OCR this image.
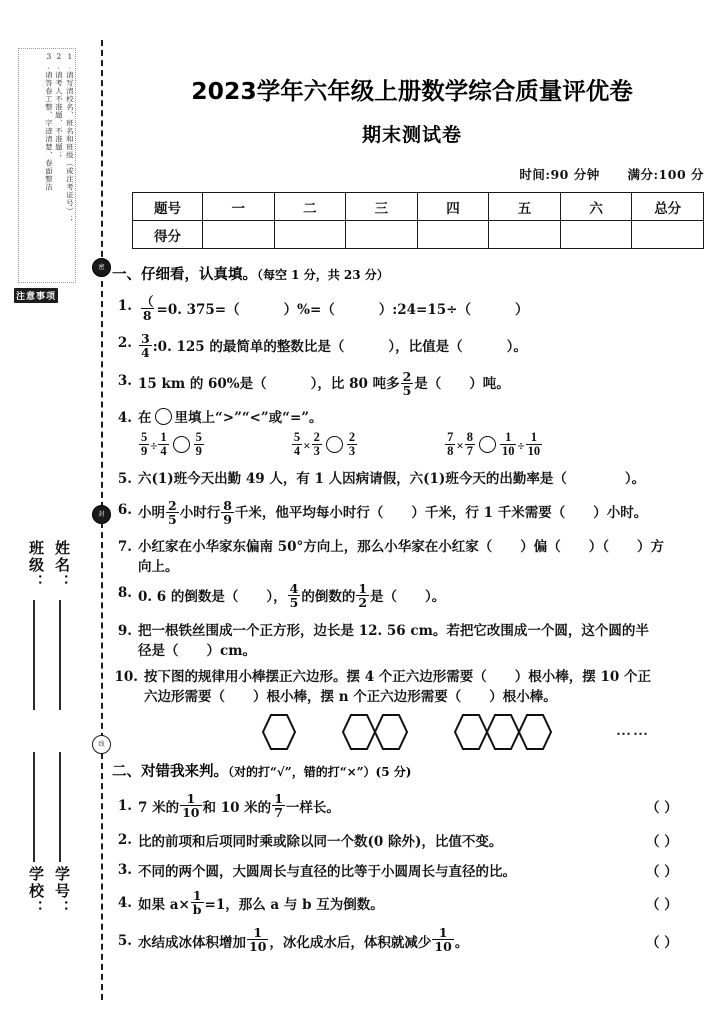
1.请写清校名、班名和班级（或注考证号）；
2.请考人不准题、不准题；
3.请答卷工整、字迹清楚、卷面整洁
注意事项
班级： 姓名：
学校： 学号：
密
封
线
2023学年六年级上册数学综合质量评优卷
期末测试卷
时间:90 分钟 满分:100 分
题号	一	二	三	四	五	六	总分
得分							
一、仔细看，认真填。（每空 1 分，共 23 分）
1. $\frac{(}{8} =0$. 375=（	）%=（	）:24=15÷（	）
2. $\frac{3}{4}$ :0. 125 的最简单的整数比是（	），比值是（	）。
3. 15 km 的 60%是（	），比 80 吨多 $\frac{2}{5}$ 是（ ）吨。
4. 在 里填上“>”“<”或“=”。
$\frac{5}{9} \div \frac{1}{4} \frac{5}{9}$	$\frac{5}{4} \times \frac{2}{3} \frac{2}{3}$	$\frac{7}{8} \times \frac{8}{7} \frac{1}{10} \div \frac{1}{10}$
5. 六(1)班今天出勤 49 人，有 1 人因病请假，六(1)班今天的出勤率是（	）。
6. 小明 $\frac{2}{5}$ 小时行 $\frac{8}{9}$ 千米，他平均每小时行（ ）千米，行 1 千米需要（ ）小时。
7. 小红家在小华家东偏南 50°方向上，那么小华家在小红家（ ）偏（ ）（ ）方
向上。
8. 0. 6 的倒数是（ ）， $\frac{4}{5}$ 的倒数的 $\frac{1}{2}$ 是（ ）。
9. 把一根铁丝围成一个正方形，边长是 12. 56 cm。若把它改围成一个圆，这个圆的半
径是（ ）cm。
10. 按下图的规律用小棒摆正六边形。摆 4 个正六边形需要（ ）根小棒，摆 10 个正
六边形需要（ ）根小棒，摆 n 个正六边形需要（ ）根小棒。
……
二、对错我来判。（对的打“√”，错的打“×”）(5 分)
1. 7 米的 $\frac{1}{10}$ 和 10 米的 $\frac{1}{7}$ 一样长。	（ ）
2. 比的前项和后项同时乘或除以同一个数(0 除外)，比值不变。	（ ）
3. 不同的两个圆，大圆周长与直径的比等于小圆周长与直径的比。	（ ）
4. 如果 $a\times \frac{1}{b} =1$，那么 a 与 b 互为倒数。	（ ）
5. 水结成冰体积增加 $\frac{1}{10}$ ，冰化成水后，体积就减少 $\frac{1}{10}$ 。	（ ）
